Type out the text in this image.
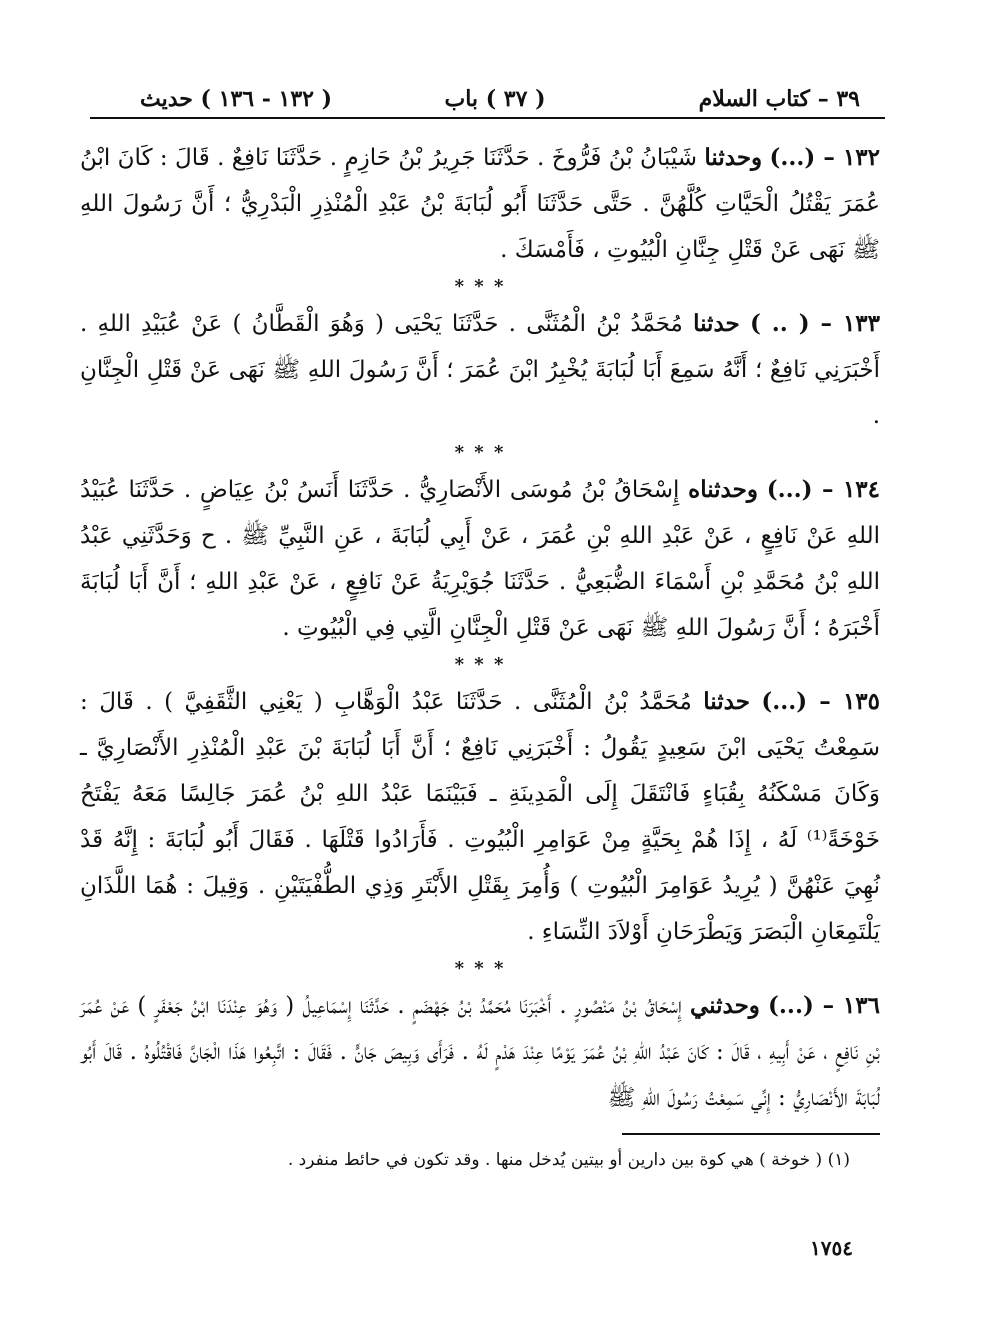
٣٩ – كتاب السلام
( ٣٧ ) باب
( ١٣٢ - ١٣٦ ) حديث

١٣٢ – (...) وحدثنا شَيْبَانُ بْنُ فَرُّوخَ . حَدَّثَنَا جَرِيرُ بْنُ حَازِمٍ . حَدَّثَنَا نَافِعٌ . قَالَ : كَانَ ابْنُ عُمَرَ يَقْتُلُ الْحَيَّاتِ كُلَّهُنَّ . حَتَّى حَدَّثَنَا أَبُو لُبَابَةَ بْنُ عَبْدِ الْمُنْذِرِ الْبَدْرِيُّ ؛ أَنَّ رَسُولَ اللهِ ﷺ نَهَى عَنْ قَتْلِ جِنَّانِ الْبُيُوتِ ، فَأَمْسَكَ .

* * *

١٣٣ – ( .. ) حدثنا مُحَمَّدُ بْنُ الْمُثَنَّى . حَدَّثَنَا يَحْيَى ( وَهُوَ الْقَطَّانُ ) عَنْ عُبَيْدِ اللهِ . أَخْبَرَنِي نَافِعٌ ؛ أَنَّهُ سَمِعَ أَبَا لُبَابَةَ يُخْبِرُ ابْنَ عُمَرَ ؛ أَنَّ رَسُولَ اللهِ ﷺ نَهَى عَنْ قَتْلِ الْجِنَّانِ .

* * *

١٣٤ – (...) وحدثناه إِسْحَاقُ بْنُ مُوسَى الأَنْصَارِيُّ . حَدَّثَنَا أَنَسُ بْنُ عِيَاضٍ . حَدَّثَنَا عُبَيْدُ اللهِ عَنْ نَافِعٍ ، عَنْ عَبْدِ اللهِ بْنِ عُمَرَ ، عَنْ أَبِي لُبَابَةَ ، عَنِ النَّبِيِّ ﷺ . ح وَحَدَّثَنِي عَبْدُ اللهِ بْنُ مُحَمَّدِ بْنِ أَسْمَاءَ الضُّبَعِيُّ . حَدَّثَنَا جُوَيْرِيَةُ عَنْ نَافِعٍ ، عَنْ عَبْدِ اللهِ ؛ أَنَّ أَبَا لُبَابَةَ أَخْبَرَهُ ؛ أَنَّ رَسُولَ اللهِ ﷺ نَهَى عَنْ قَتْلِ الْجِنَّانِ الَّتِي فِي الْبُيُوتِ .

* * *

١٣٥ – (...) حدثنا مُحَمَّدُ بْنُ الْمُثَنَّى . حَدَّثَنَا عَبْدُ الْوَهَّابِ ( يَعْنِي الثَّقَفِيَّ ) . قَالَ : سَمِعْتُ يَحْيَى ابْنَ سَعِيدٍ يَقُولُ : أَخْبَرَنِي نَافِعٌ ؛ أَنَّ أَبَا لُبَابَةَ بْنَ عَبْدِ الْمُنْذِرِ الأَنْصَارِيَّ ـ وَكَانَ مَسْكَنُهُ بِقُبَاءٍ فَانْتَقَلَ إِلَى الْمَدِينَةِ ـ فَبَيْنَمَا عَبْدُ اللهِ بْنُ عُمَرَ جَالِسًا مَعَهُ يَفْتَحُ خَوْخَةً⁽¹⁾ لَهُ ، إِذَا هُمْ بِحَيَّةٍ مِنْ عَوَامِرِ الْبُيُوتِ . فَأَرَادُوا قَتْلَهَا . فَقَالَ أَبُو لُبَابَةَ : إِنَّهُ قَدْ نُهِيَ عَنْهُنَّ ( يُرِيدُ عَوَامِرَ الْبُيُوتِ ) وَأُمِرَ بِقَتْلِ الأَبْتَرِ وَذِي الطُّفْيَتَيْنِ . وَقِيلَ : هُمَا اللَّذَانِ يَلْتَمِعَانِ الْبَصَرَ وَيَطْرَحَانِ أَوْلاَدَ النِّسَاءِ .

* * *

١٣٦ – (...) وحدثني إِسْحَاقُ بْنُ مَنْصُورٍ . أَخْبَرَنَا مُحَمَّدُ بْنُ جَهْضَمٍ . حَدَّثَنَا إِسْمَاعِيلُ ( وَهُوَ عِنْدَنَا ابْنُ جَعْفَرٍ ) عَنْ عُمَرَ بْنِ نَافِعٍ ، عَنْ أَبِيهِ ، قَالَ : كَانَ عَبْدُ اللهِ بْنُ عُمَرَ يَوْمًا عِنْدَ هَدْمٍ لَهُ . فَرَأَى وَبِيصَ جَانٍّ . فَقَالَ : اتَّبِعُوا هَذَا الْجَانَّ فَاقْتُلُوهُ . قَالَ أَبُو لُبَابَةَ الأَنْصَارِيُّ : إِنِّي سَمِعْتُ رَسُولَ اللهِ ﷺ

(١) ( خوخة ) هي كوة بين دارين أو بيتين يُدخل منها . وقد تكون في حائط منفرد .
١٧٥٤
